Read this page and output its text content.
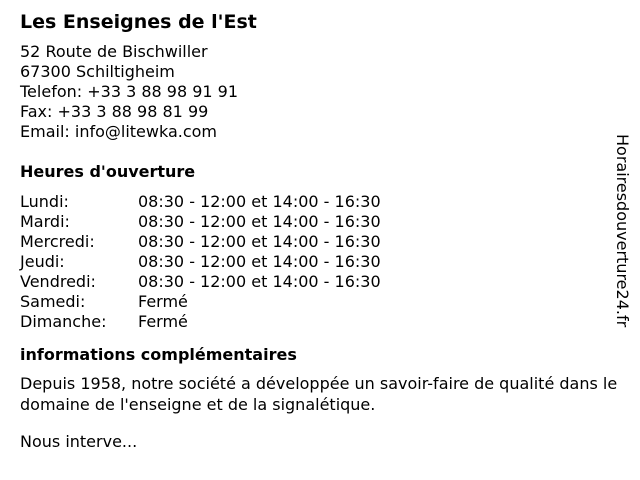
Les Enseignes de l'Est
52 Route de Bischwiller
67300 Schiltigheim
Telefon: +33 3 88 98 91 91
Fax: +33 3 88 98 81 99
Email: info@litewka.com
Heures d'ouverture
Lundi:	08:30 - 12:00 et 14:00 - 16:30
Mardi:	08:30 - 12:00 et 14:00 - 16:30
Mercredi:	08:30 - 12:00 et 14:00 - 16:30
Jeudi:	08:30 - 12:00 et 14:00 - 16:30
Vendredi:	08:30 - 12:00 et 14:00 - 16:30
Samedi:	Fermé
Dimanche: Fermé
informations complémentaires

Depuis 1958, notre société a développée un savoir-faire de qualité dans le domaine de l'enseigne et de la signalétique.

Nous interve...
Horairesdouverture24.fr
